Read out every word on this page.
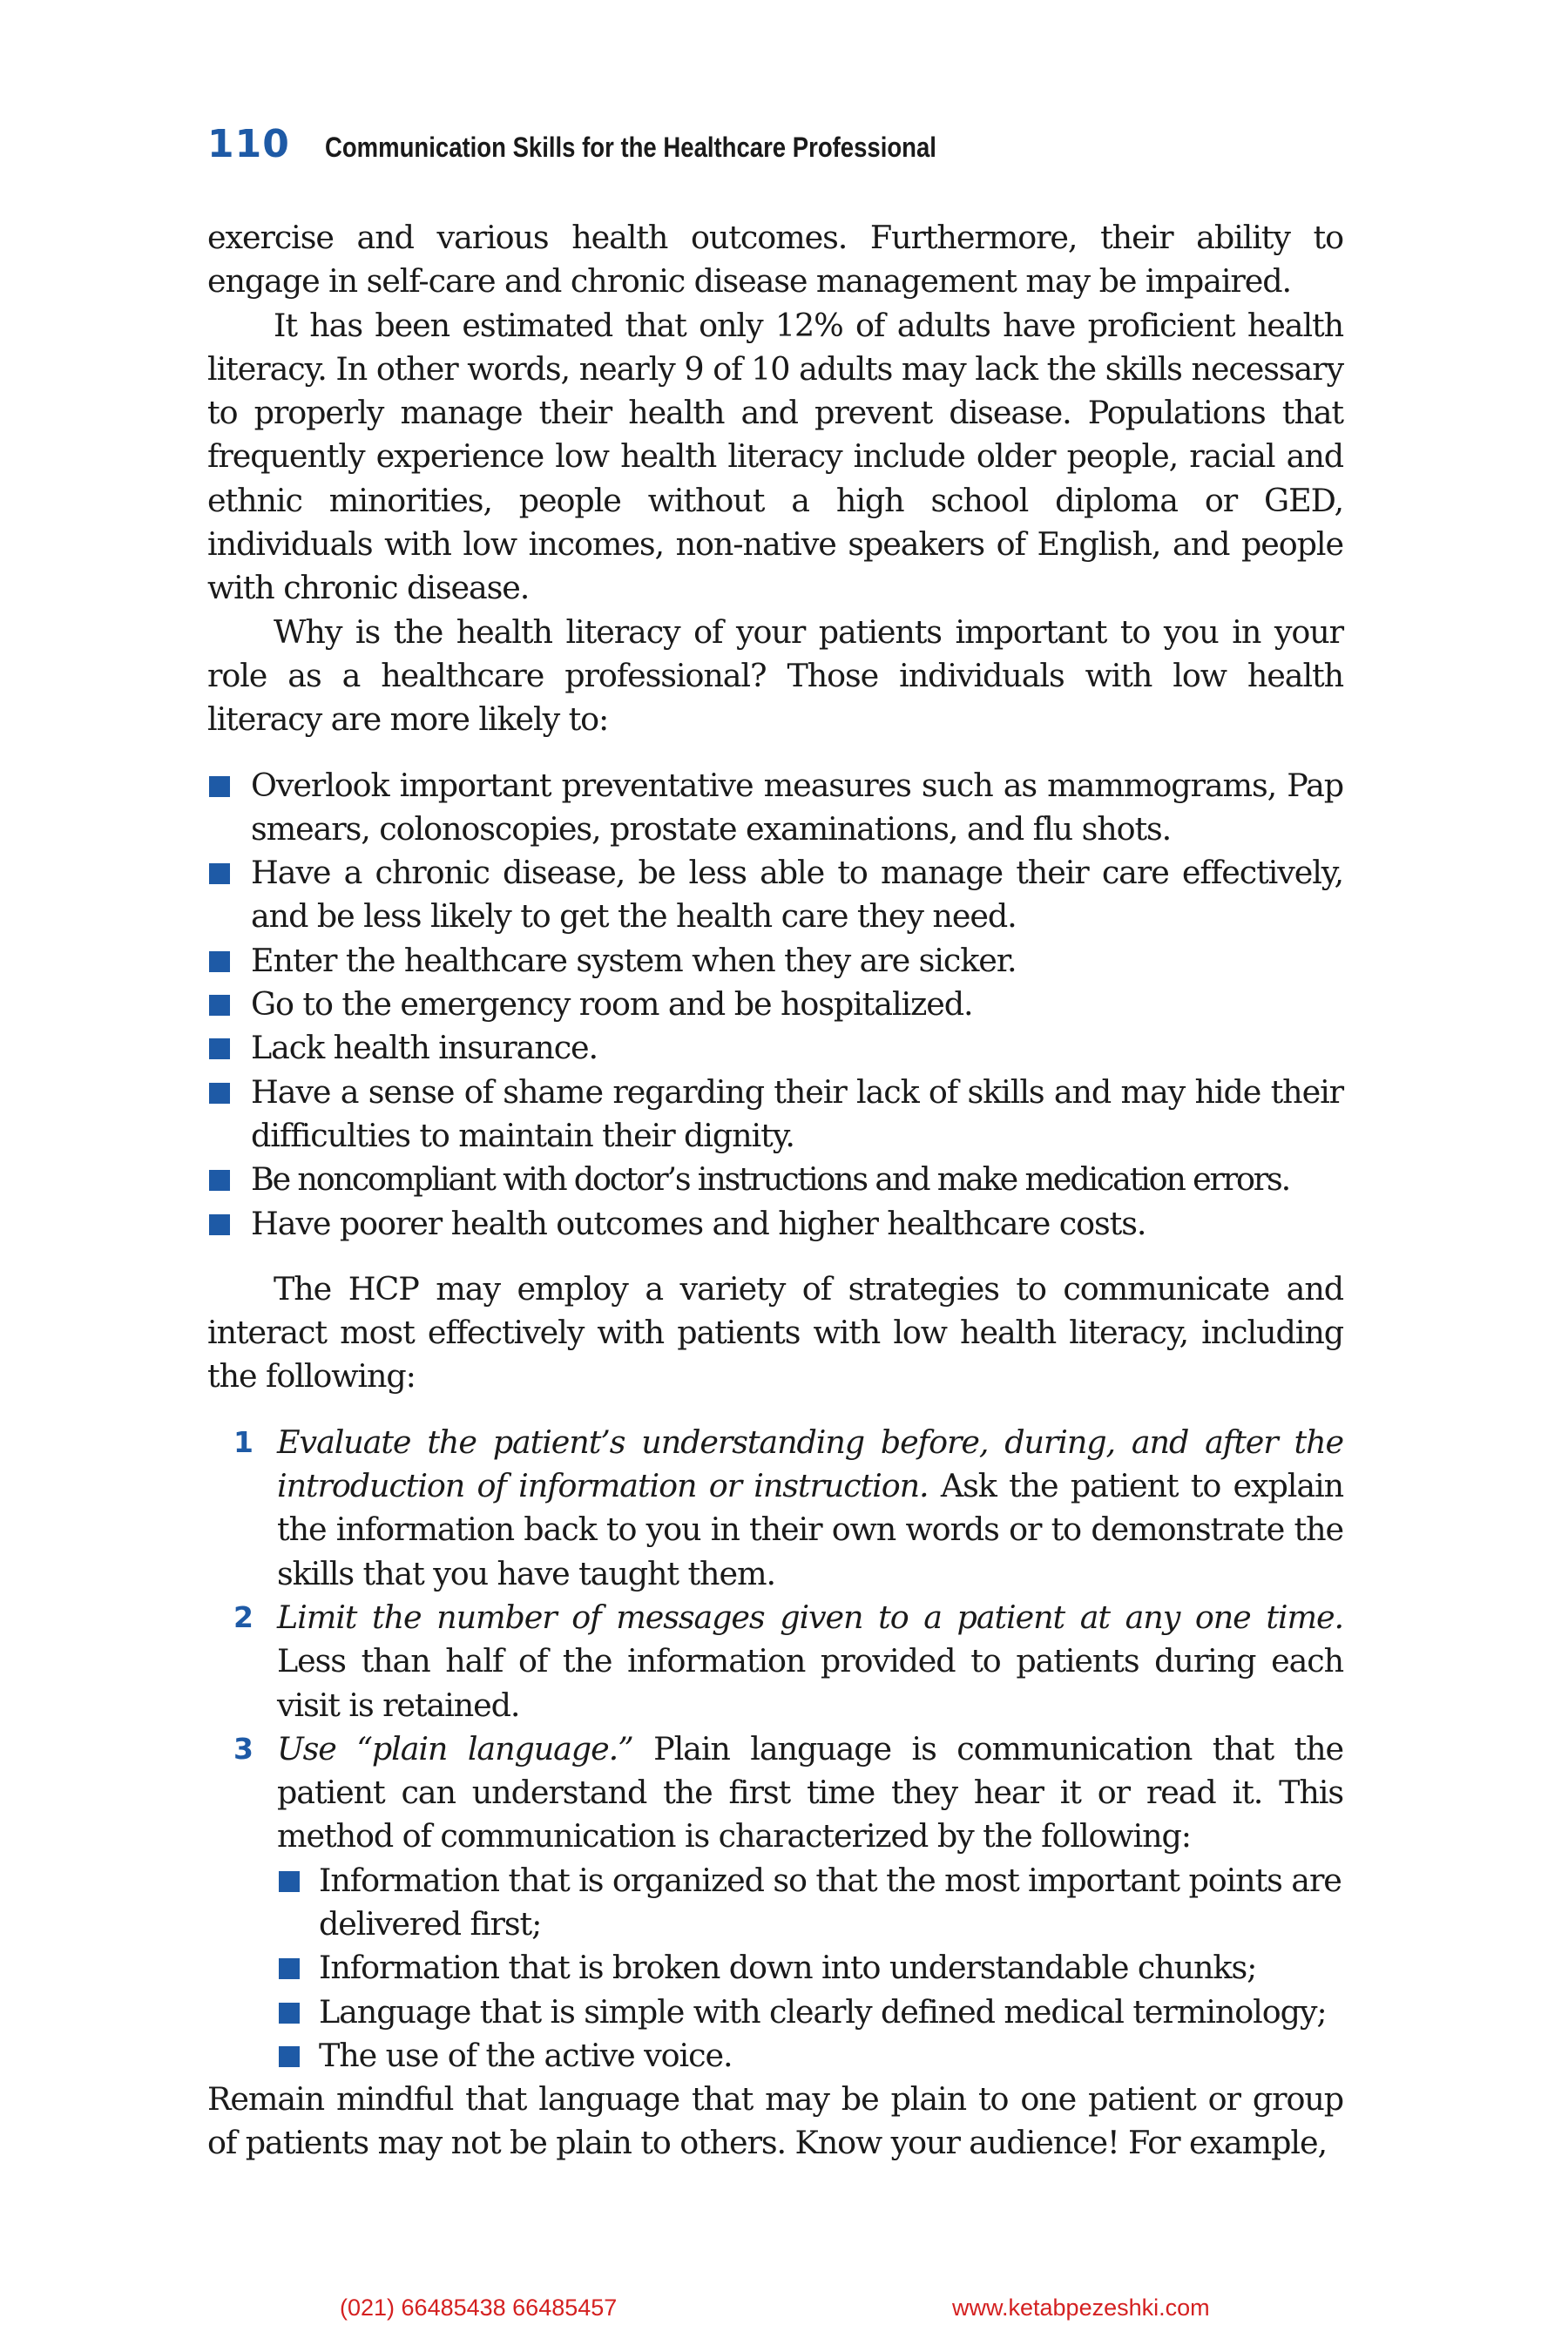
110 Communication Skills for the Healthcare Professional

exercise and various health outcomes. Furthermore, their ability to engage in self-care and chronic disease management may be impaired.

It has been estimated that only 12% of adults have proficient health literacy. In other words, nearly 9 of 10 adults may lack the skills necessary to properly manage their health and prevent disease. Populations that frequently experience low health literacy include older people, racial and ethnic minorities, people without a high school diploma or GED, individuals with low incomes, non-native speakers of English, and people with chronic disease.

Why is the health literacy of your patients important to you in your role as a healthcare professional? Those individuals with low health literacy are more likely to:

Overlook important preventative measures such as mammograms, Pap smears, colonoscopies, prostate examinations, and flu shots.
Have a chronic disease, be less able to manage their care effectively, and be less likely to get the health care they need.
Enter the healthcare system when they are sicker.
Go to the emergency room and be hospitalized.
Lack health insurance.
Have a sense of shame regarding their lack of skills and may hide their difficulties to maintain their dignity.
Be noncompliant with doctor’s instructions and make medication errors.
Have poorer health outcomes and higher healthcare costs.

The HCP may employ a variety of strategies to communicate and interact most effectively with patients with low health literacy, including the following:

1 Evaluate the patient’s understanding before, during, and after the introduction of information or instruction. Ask the patient to explain the information back to you in their own words or to demonstrate the skills that you have taught them.
2 Limit the number of messages given to a patient at any one time. Less than half of the information provided to patients during each visit is retained.
3 Use “plain language.” Plain language is communication that the patient can understand the first time they hear it or read it. This method of communication is characterized by the following:
Information that is organized so that the most important points are delivered first;
Information that is broken down into understandable chunks;
Language that is simple with clearly defined medical terminology;
The use of the active voice.

Remain mindful that language that may be plain to one patient or group of patients may not be plain to others. Know your audience! For example,

(021) 66485438 66485457	www.ketabpezeshki.com
